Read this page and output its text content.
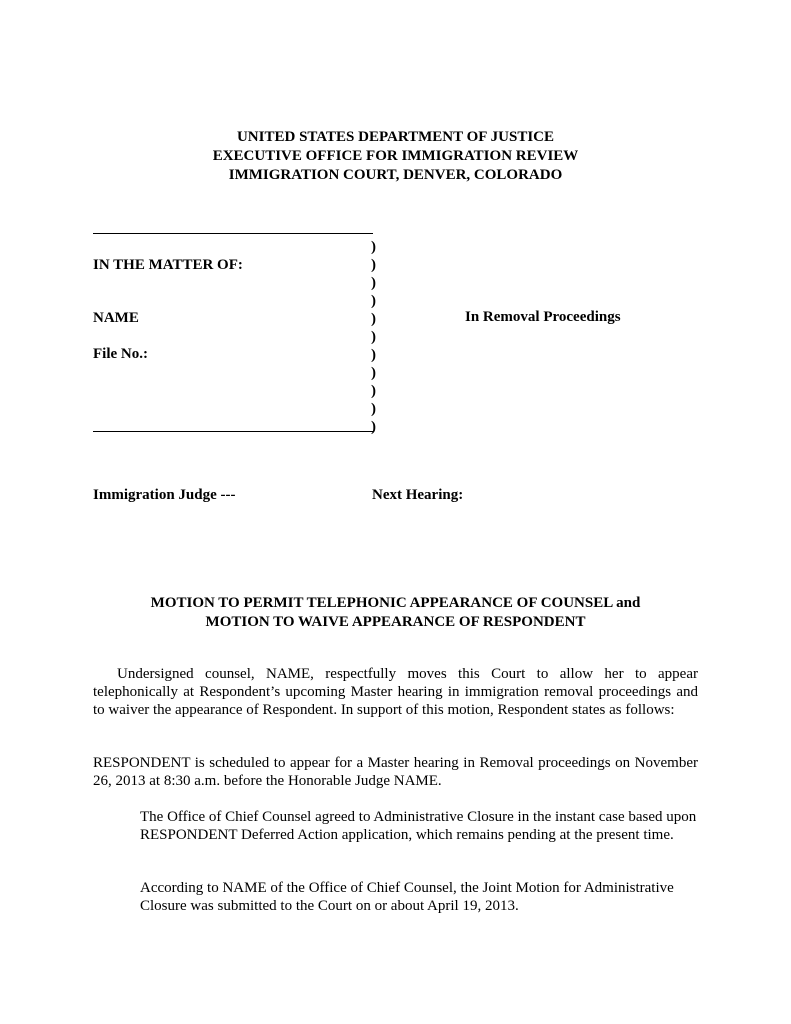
UNITED STATES DEPARTMENT OF JUSTICE
EXECUTIVE OFFICE FOR IMMIGRATION REVIEW
IMMIGRATION COURT, DENVER, COLORADO
)
)
)
)
)
)
)
)
)
)
)
IN THE MATTER OF:
NAME
File No.:
In Removal Proceedings
Immigration Judge ---	Next Hearing:
MOTION TO PERMIT TELEPHONIC APPEARANCE OF COUNSEL and
MOTION TO WAIVE APPEARANCE OF RESPONDENT
Undersigned counsel, NAME, respectfully moves this Court to allow her to appear telephonically at Respondent’s upcoming Master hearing in immigration removal proceedings and to waiver the appearance of Respondent. In support of this motion, Respondent states as follows:
RESPONDENT is scheduled to appear for a Master hearing in Removal proceedings on November 26, 2013 at 8:30 a.m. before the Honorable Judge NAME.
The Office of Chief Counsel agreed to Administrative Closure in the instant case based upon RESPONDENT Deferred Action application, which remains pending at the present time.
According to NAME of the Office of Chief Counsel, the Joint Motion for Administrative Closure was submitted to the Court on or about April 19, 2013.
